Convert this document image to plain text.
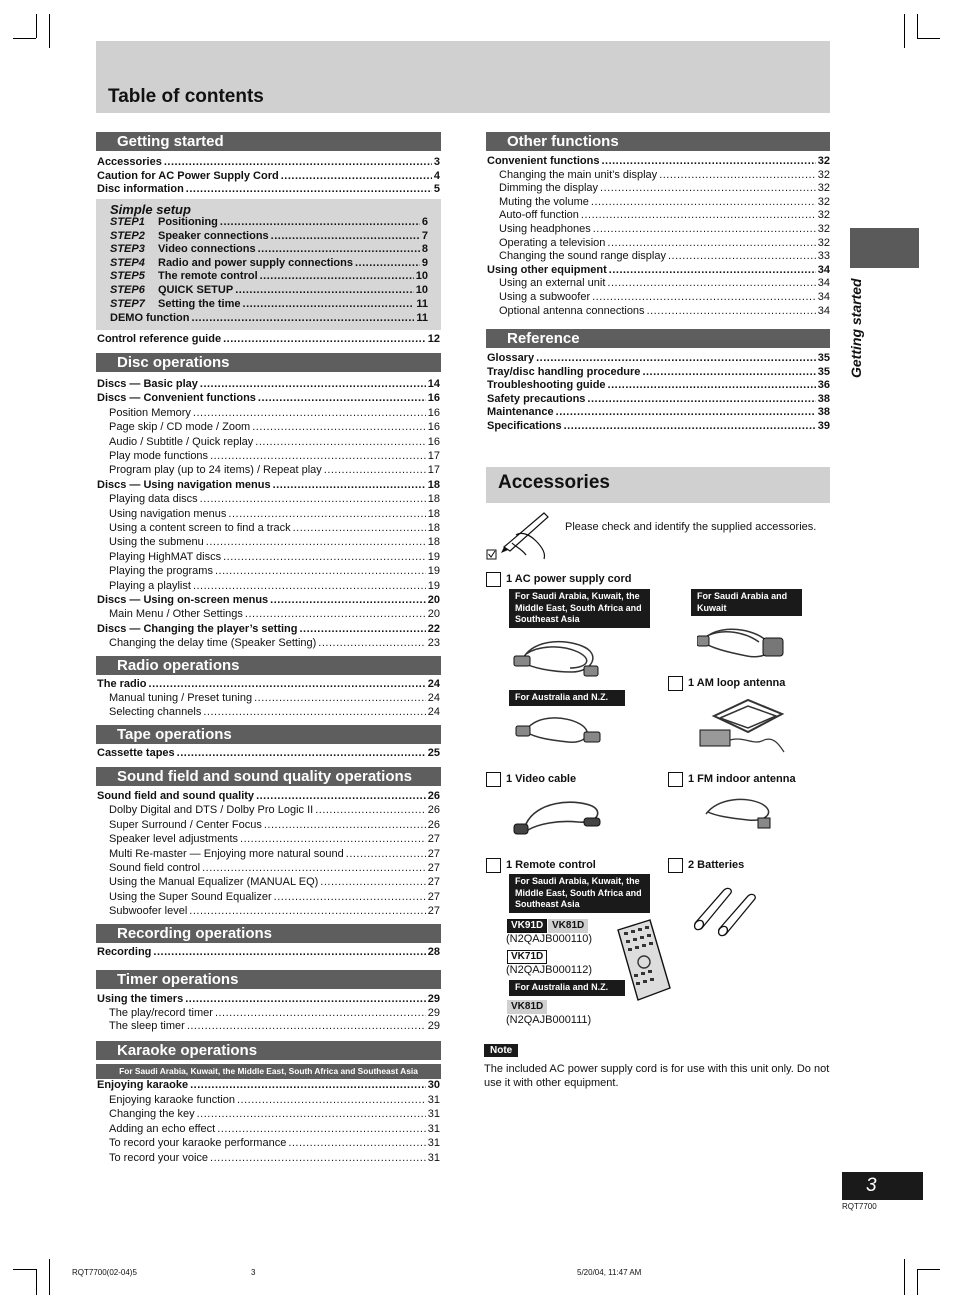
Table of contents
Getting started
Getting started
Accessories .....	3
Caution for AC Power Supply Cord .....	4
Disc information .....	5
Control reference guide .....	12
Simple setup
STEP1	Positioning .....	6
STEP2	Speaker connections .....	7
STEP3	Video connections .....	8
STEP4	Radio and power supply connections .....	9
STEP5	The remote control .....	10
STEP6	QUICK SETUP .....	10
STEP7	Setting the time .....	11
DEMO function .....	11
Disc operations
Radio operations
Tape operations
Sound field and sound quality operations
Recording operations
Timer operations
Karaoke operations
For Saudi Arabia, Kuwait, the Middle East, South Africa and Southeast Asia
Discs — Basic play .....	14
Discs — Convenient functions .....	16
Position Memory .....	16
Page skip / CD mode / Zoom .....	16
Audio / Subtitle / Quick replay .....	16
Play mode functions .....	17
Program play (up to 24 items) / Repeat play .....	17
Discs — Using navigation menus .....	18
Playing data discs .....	18
Using navigation menus .....	18
Using a content screen to find a track .....	18
Using the submenu .....	18
Playing HighMAT discs .....	19
Playing the programs .....	19
Playing a playlist .....	19
Discs — Using on-screen menus .....	20
Main Menu / Other Settings .....	20
Discs — Changing the player’s setting .....	22
Changing the delay time (Speaker Setting) .....	23
The radio .....	24
Manual tuning / Preset tuning .....	24
Selecting channels .....	24
Cassette tapes .....	25
Sound field and sound quality .....	26
Dolby Digital and DTS / Dolby Pro Logic II .....	26
Super Surround / Center Focus .....	26
Speaker level adjustments .....	27
Multi Re-master — Enjoying more natural sound .....	27
Sound field control .....	27
Using the Manual Equalizer (MANUAL EQ) .....	27
Using the Super Sound Equalizer .....	27
Subwoofer level .....	27
Recording .....	28
Using the timers .....	29
The play/record timer .....	29
The sleep timer .....	29
Enjoying karaoke .....	30
Enjoying karaoke function .....	31
Changing the key .....	31
Adding an echo effect .....	31
To record your karaoke performance .....	31
To record your voice .....	31
Other functions
Reference
Convenient functions .....	32
Changing the main unit’s display .....	32
Dimming the display .....	32
Muting the volume .....	32
Auto-off function .....	32
Using headphones .....	32
Operating a television .....	32
Changing the sound range display .....	33
Using other equipment .....	34
Using an external unit .....	34
Using a subwoofer .....	34
Optional antenna connections .....	34
Glossary .....	35
Tray/disc handling procedure .....	35
Troubleshooting guide .....	36
Safety precautions .....	38
Maintenance .....	38
Specifications .....	39
Accessories
Please check and identify the supplied accessories.
1 AC power supply cord
For Saudi Arabia, Kuwait, the Middle East, South Africa and Southeast Asia
For Saudi Arabia and Kuwait
For Australia and N.Z.
1 AM loop antenna
1 Video cable	1 FM indoor antenna
1 Remote control
For Saudi Arabia, Kuwait, the Middle East, South Africa and Southeast Asia
VK91D VK81D
(N2QAJB000110)
VK71D
(N2QAJB000112)
For Australia and N.Z.
VK81D
(N2QAJB000111)
2 Batteries
Note
The included AC power supply cord is for use with this unit only. Do not use it with other equipment.
3
RQT7700
RQT7700(02-04)5	3	5/20/04, 11:47 AM
